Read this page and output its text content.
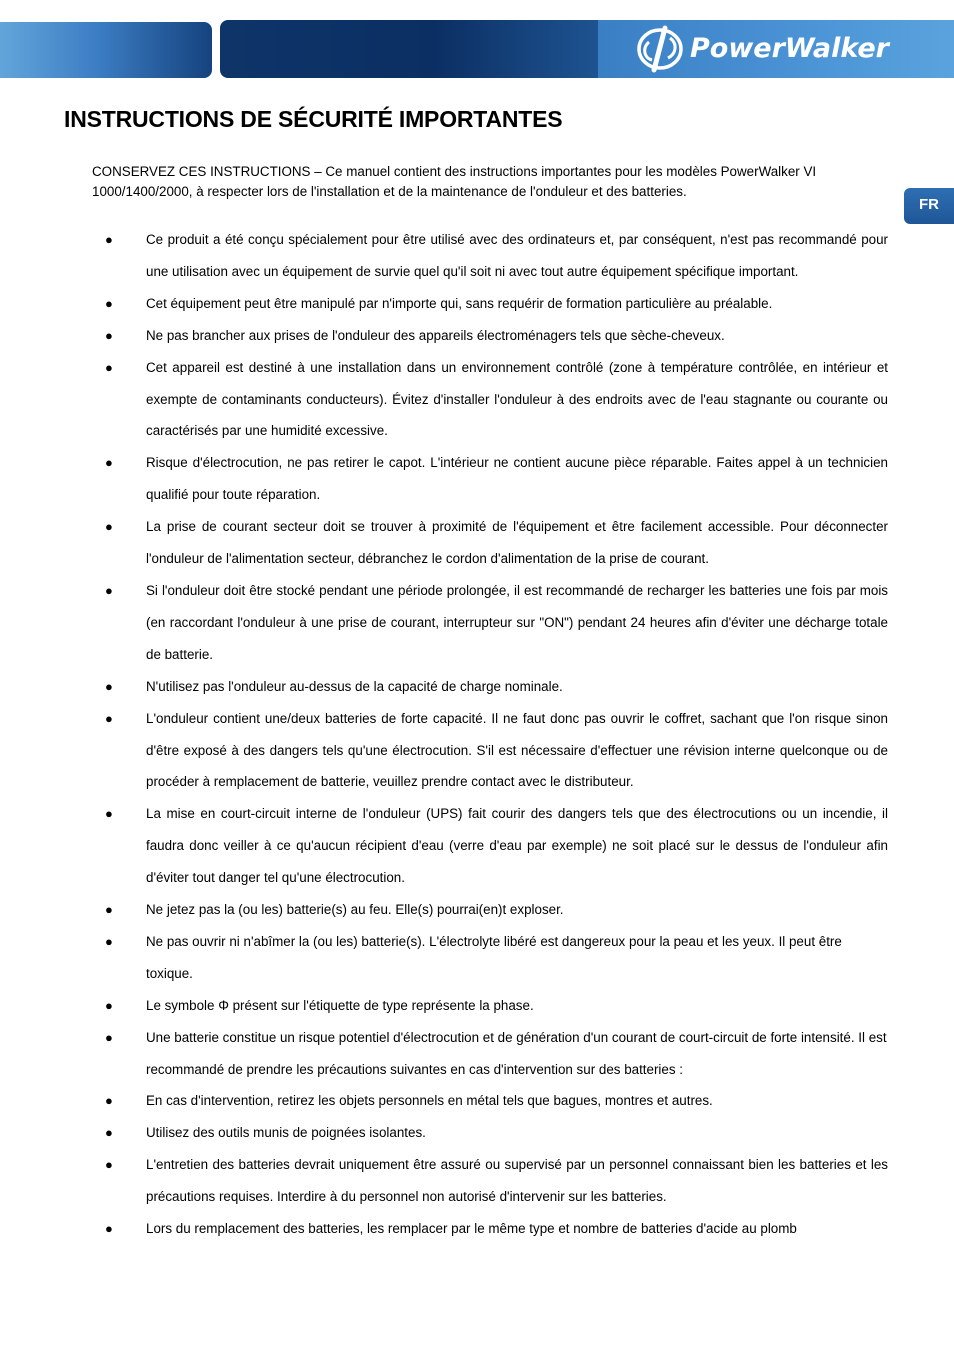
PowerWalker
FR
INSTRUCTIONS DE SÉCURITÉ IMPORTANTES

CONSERVEZ CES INSTRUCTIONS – Ce manuel contient des instructions importantes pour les modèles PowerWalker VI 1000/1400/2000, à respecter lors de l'installation et de la maintenance de l'onduleur et des batteries.

● Ce produit a été conçu spécialement pour être utilisé avec des ordinateurs et, par conséquent, n'est pas recommandé pour une utilisation avec un équipement de survie quel qu'il soit ni avec tout autre équipement spécifique important.
● Cet équipement peut être manipulé par n'importe qui, sans requérir de formation particulière au préalable.
● Ne pas brancher aux prises de l'onduleur des appareils électroménagers tels que sèche-cheveux.
● Cet appareil est destiné à une installation dans un environnement contrôlé (zone à température contrôlée, en intérieur et exempte de contaminants conducteurs). Évitez d'installer l'onduleur à des endroits avec de l'eau stagnante ou courante ou caractérisés par une humidité excessive.
● Risque d'électrocution, ne pas retirer le capot. L'intérieur ne contient aucune pièce réparable. Faites appel à un technicien qualifié pour toute réparation.
● La prise de courant secteur doit se trouver à proximité de l'équipement et être facilement accessible. Pour déconnecter l'onduleur de l'alimentation secteur, débranchez le cordon d'alimentation de la prise de courant.
● Si l'onduleur doit être stocké pendant une période prolongée, il est recommandé de recharger les batteries une fois par mois (en raccordant l'onduleur à une prise de courant, interrupteur sur "ON") pendant 24 heures afin d'éviter une décharge totale de batterie.
● N'utilisez pas l'onduleur au-dessus de la capacité de charge nominale.
● L'onduleur contient une/deux batteries de forte capacité. Il ne faut donc pas ouvrir le coffret, sachant que l'on risque sinon d'être exposé à des dangers tels qu'une électrocution. S'il est nécessaire d'effectuer une révision interne quelconque ou de procéder à remplacement de batterie, veuillez prendre contact avec le distributeur.
● La mise en court-circuit interne de l'onduleur (UPS) fait courir des dangers tels que des électrocutions ou un incendie, il faudra donc veiller à ce qu'aucun récipient d'eau (verre d'eau par exemple) ne soit placé sur le dessus de l'onduleur afin d'éviter tout danger tel qu'une électrocution.
● Ne jetez pas la (ou les) batterie(s) au feu. Elle(s) pourrai(en)t exploser.
● Ne pas ouvrir ni n'abîmer la (ou les) batterie(s). L'électrolyte libéré est dangereux pour la peau et les yeux. Il peut être toxique.
● Le symbole Φ présent sur l'étiquette de type représente la phase.
● Une batterie constitue un risque potentiel d'électrocution et de génération d'un courant de court-circuit de forte intensité. Il est recommandé de prendre les précautions suivantes en cas d'intervention sur des batteries :
● En cas d'intervention, retirez les objets personnels en métal tels que bagues, montres et autres.
● Utilisez des outils munis de poignées isolantes.
● L'entretien des batteries devrait uniquement être assuré ou supervisé par un personnel connaissant bien les batteries et les précautions requises. Interdire à du personnel non autorisé d'intervenir sur les batteries.
● Lors du remplacement des batteries, les remplacer par le même type et nombre de batteries d'acide au plomb
